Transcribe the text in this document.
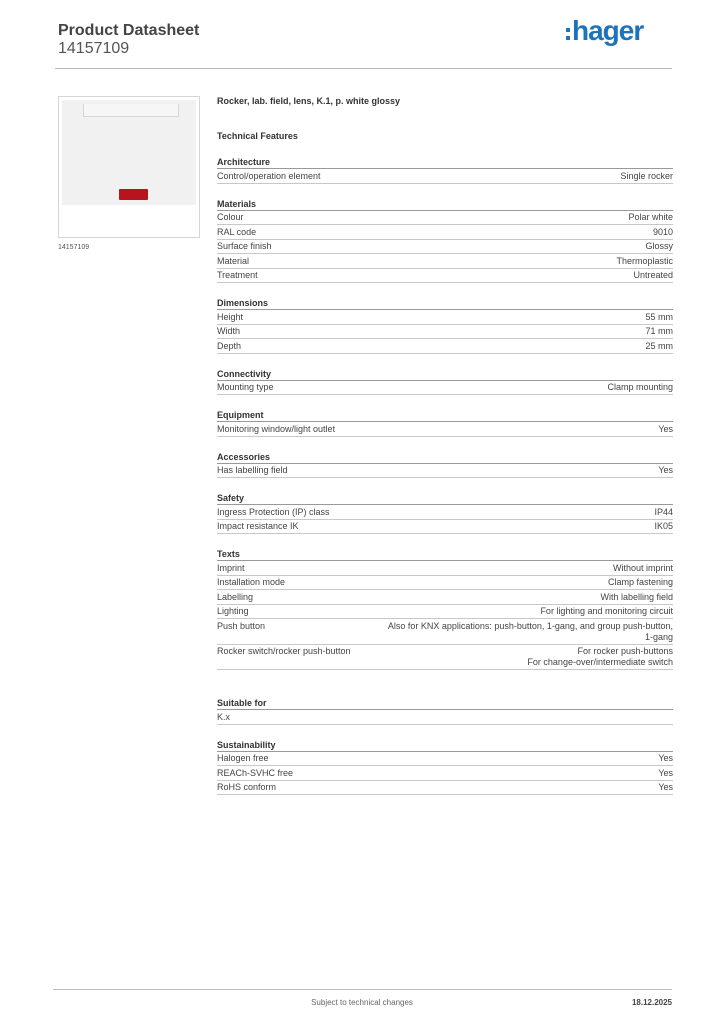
Product Datasheet
14157109
hager
14157109
Rocker, lab. field, lens, K.1, p. white glossy
Technical Features
Architecture
Control/operation element	Single rocker
Materials
Colour	Polar white
RAL code	9010
Surface finish	Glossy
Material	Thermoplastic
Treatment	Untreated
Dimensions
Height	55 mm
Width	71 mm
Depth	25 mm
Connectivity
Mounting type	Clamp mounting
Equipment
Monitoring window/light outlet	Yes
Accessories
Has labelling field	Yes
Safety
Ingress Protection (IP) class	IP44
Impact resistance IK	IK05
Texts
Imprint	Without imprint
Installation mode	Clamp fastening
Labelling	With labelling field
Lighting	For lighting and monitoring circuit
Push button	Also for KNX applications: push-button, 1-gang, and group push-button,
1-gang
Rocker switch/rocker push-button	For rocker push-buttons
For change-over/intermediate switch
Suitable for
K.x
Sustainability
Halogen free	Yes
REACh-SVHC free	Yes
RoHS conform	Yes
Subject to technical changes	18.12.2025
